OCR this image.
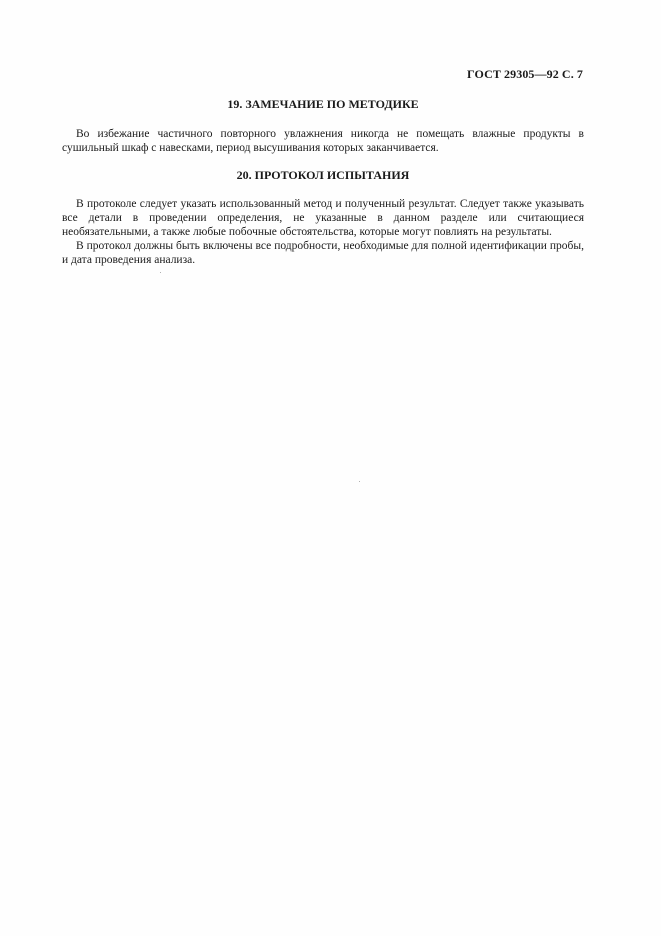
ГОСТ 29305—92 С. 7
19. ЗАМЕЧАНИЕ ПО МЕТОДИКЕ

Во избежание частичного повторного увлажнения никогда не помещать влажные продукты в сушильный шкаф с навесками, период высушивания которых заканчивается.

20. ПРОТОКОЛ ИСПЫТАНИЯ

В протоколе следует указать использованный метод и полученный результат. Следует также указывать все детали в проведении определения, не указанные в данном разделе или считающиеся необязательными, а также любые побочные обстоятельства, которые могут повлиять на результаты.

В протокол должны быть включены все подробности, необходимые для полной идентификации пробы, и дата проведения анализа.
